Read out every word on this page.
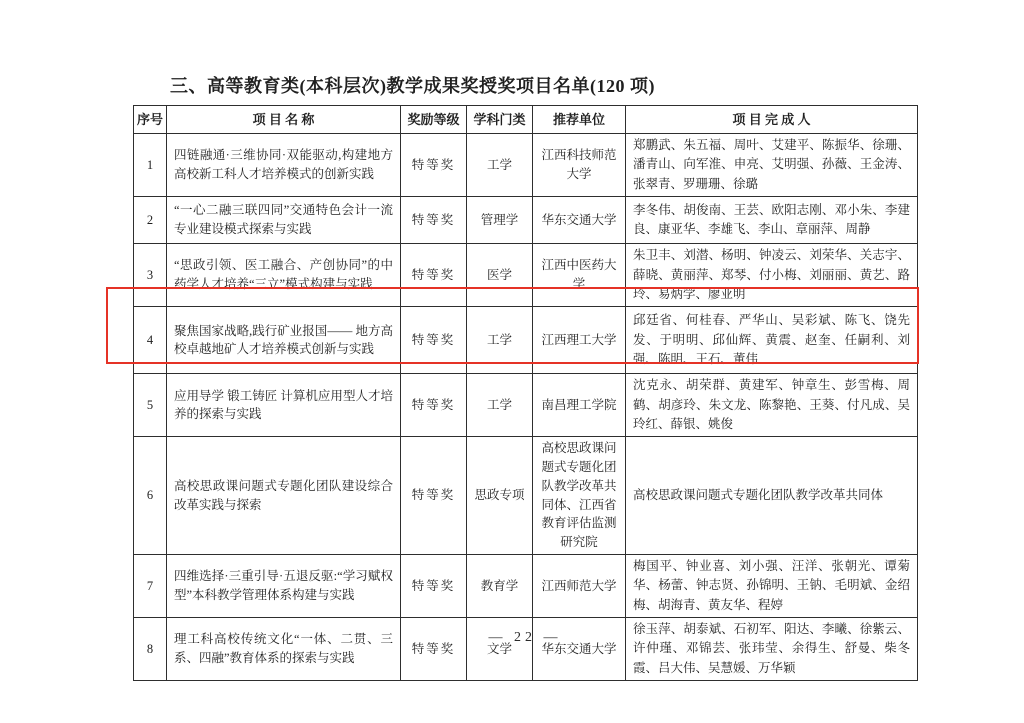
三、高等教育类(本科层次)教学成果奖授奖项目名单(120 项)
序号	项 目 名 称	奖励等级	学科门类	推荐单位	项 目 完 成 人
1	四链融通·三维协同·双能驱动,构建地方高校新工科人才培养模式的创新实践	特等奖	工学	江西科技师范大学	郑鹏武、朱五福、周叶、艾建平、陈振华、徐珊、潘青山、向军淮、申亮、艾明强、孙薇、王金涛、张翠青、罗珊珊、徐璐
2	“一心二融三联四同”交通特色会计一流专业建设模式探索与实践	特等奖	管理学	华东交通大学	李冬伟、胡俊南、王芸、欧阳志刚、邓小朱、李建良、康亚华、李雄飞、李山、章丽萍、周静
3	“思政引领、医工融合、产创协同”的中药学人才培养“三立”模式构建与实践	特等奖	医学	江西中医药大学	朱卫丰、刘潜、杨明、钟凌云、刘荣华、关志宇、薛晓、黄丽萍、郑琴、付小梅、刘丽丽、黄艺、路玲、易炳学、廖亚明
4	聚焦国家战略,践行矿业报国—— 地方高校卓越地矿人才培养模式创新与实践	特等奖	工学	江西理工大学	邱廷省、何桂春、严华山、吴彩斌、陈飞、饶先发、于明明、邱仙辉、黄震、赵奎、任嗣利、刘强、陈明、王石、董伟
5	应用导学 锻工铸匠 计算机应用型人才培养的探索与实践	特等奖	工学	南昌理工学院	沈克永、胡荣群、黄建军、钟章生、彭雪梅、周鹤、胡彦玲、朱文龙、陈黎艳、王葵、付凡成、吴玲红、薛银、姚俊
6	高校思政课问题式专题化团队建设综合改革实践与探索	特等奖	思政专项	高校思政课问题式专题化团队教学改革共同体、江西省教育评估监测研究院	高校思政课问题式专题化团队教学改革共同体
7	四维选择·三重引导·五退反驱:“学习赋权型”本科教学管理体系构建与实践	特等奖	教育学	江西师范大学	梅国平、钟业喜、刘小强、汪洋、张朝光、谭菊华、杨蕾、钟志贤、孙锦明、王钠、毛明斌、金绍梅、胡海青、黄友华、程婷
8	理工科高校传统文化“一体、二贯、三系、四融”教育体系的探索与实践	特等奖	文学	华东交通大学	徐玉萍、胡泰斌、石初军、阳达、李曦、徐紫云、许仲瑾、邓锦芸、张玮莹、余得生、舒曼、柴冬霞、吕大伟、吴慧媛、万华颖
— 22 —
